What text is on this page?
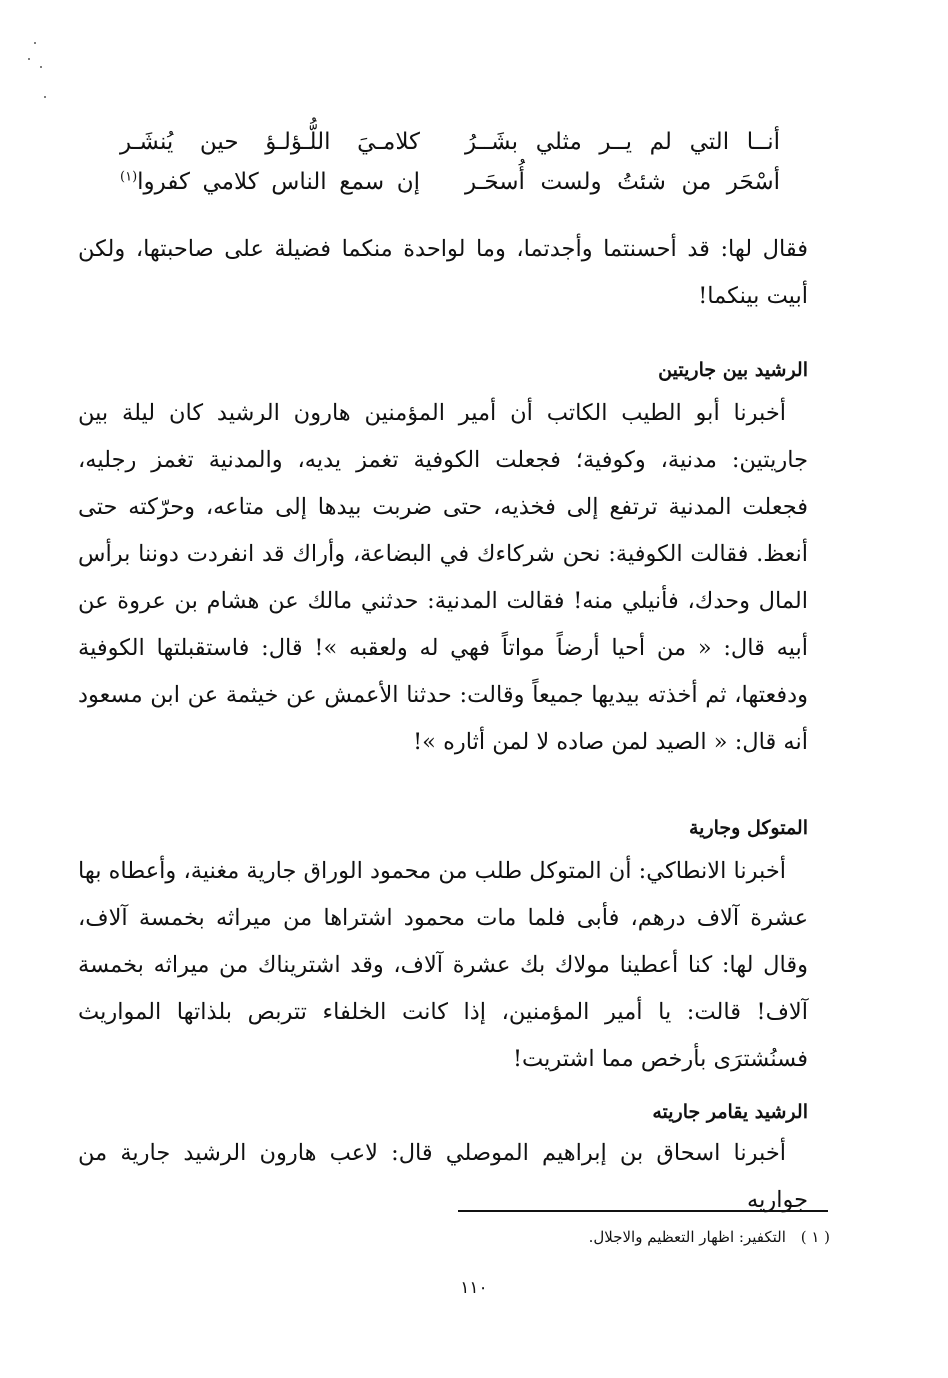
أنــا التي لم يــر مثلي بشَــرُ
كلامـيَ اللُّـؤلـؤ حين يُنشَـر
أسْحَر من شئتُ ولست أُسحَـر
إن سمع الناس كلامي كفروا$^{(١)}$

فقال لها: قد أحسنتما وأجدتما، وما لواحدة منكما فضيلة على صاحبتها، ولكن أبيت بينكما!

الرشيد بين جاريتين

أخبرنا أبو الطيب الكاتب أن أمير المؤمنين هارون الرشيد كان ليلة بين جاريتين: مدنية، وكوفية؛ فجعلت الكوفية تغمز يديه، والمدنية تغمز رجليه، فجعلت المدنية ترتفع إلى فخذيه، حتى ضربت بيدها إلى متاعه، وحرّكته حتى أنعظ. فقالت الكوفية: نحن شركاءك في البضاعة، وأراك قد انفردت دوننا برأس المال وحدك، فأنيلي منه! فقالت المدنية: حدثني مالك عن هشام بن عروة عن أبيه قال: « من أحيا أرضاً مواتاً فهي له ولعقبه »! قال: فاستقبلتها الكوفية ودفعتها، ثم أخذته بيديها جميعاً وقالت: حدثنا الأعمش عن خيثمة عن ابن مسعود أنه قال: « الصيد لمن صاده لا لمن أثاره »!

المتوكل وجارية

أخبرنا الانطاكي: أن المتوكل طلب من محمود الوراق جارية مغنية، وأعطاه بها عشرة آلاف درهم، فأبى فلما مات محمود اشتراها من ميراثه بخمسة آلاف، وقال لها: كنا أعطينا مولاك بك عشرة آلاف، وقد اشتريناك من ميراثه بخمسة آلاف! قالت: يا أمير المؤمنين، إذا كانت الخلفاء تتربص بلذاتها المواريث فسنُشترَى بأرخص مما اشتريت!

الرشيد يقامر جاريته

أخبرنا اسحاق بن إبراهيم الموصلي قال: لاعب هارون الرشيد جارية من جواريه

( ١ ) التكفير: اظهار التعظيم والاجلال.
١١٠
